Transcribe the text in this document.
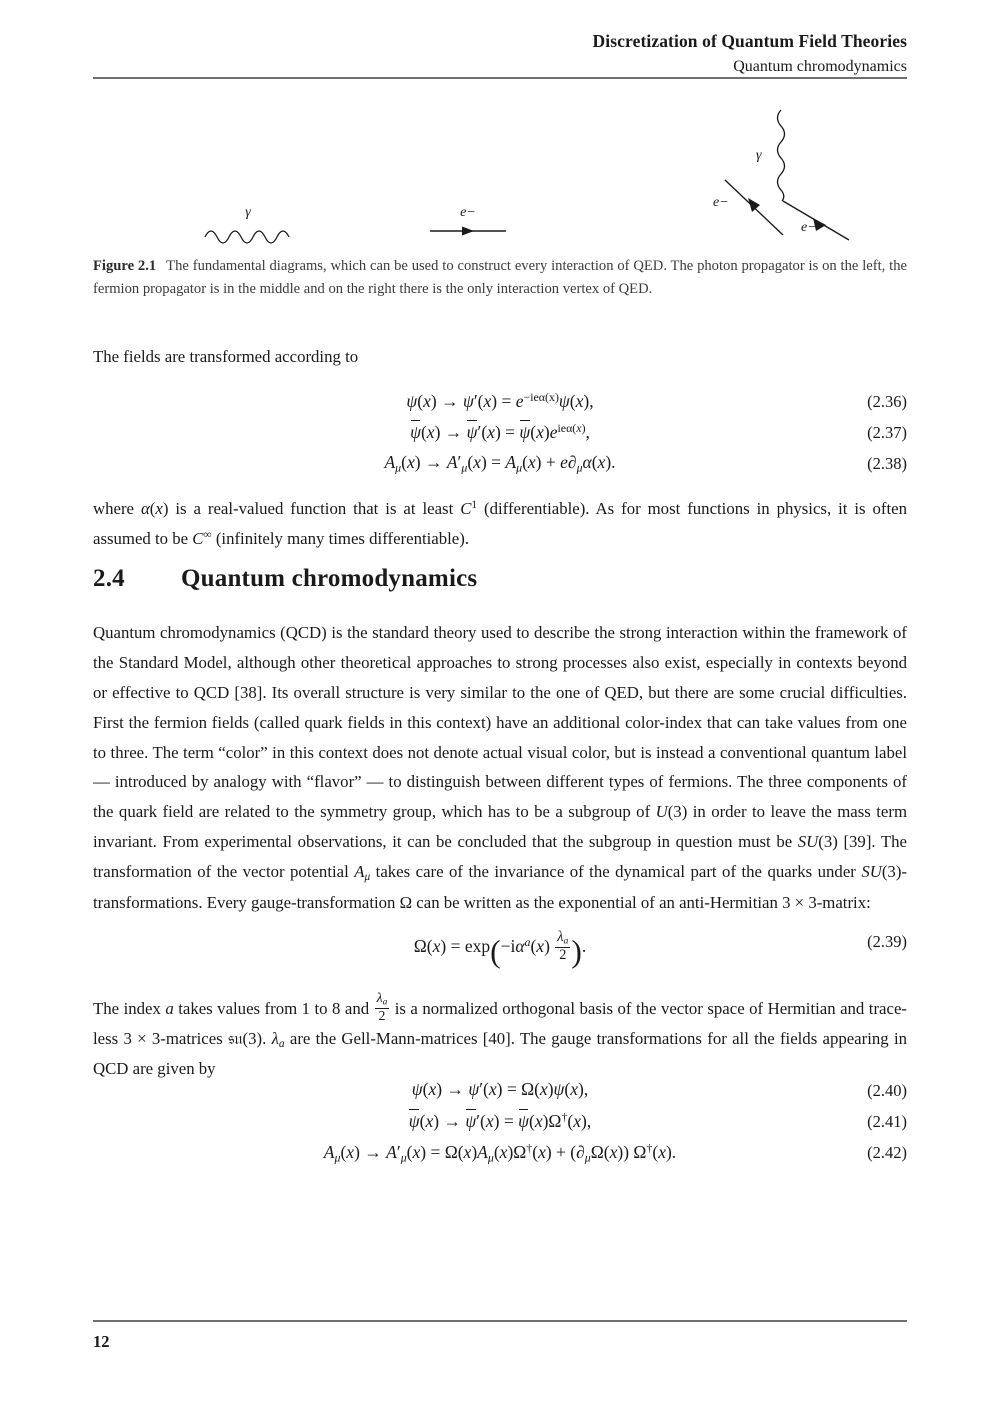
Discretization of Quantum Field Theories
Quantum chromodynamics
γ	e−
γ
e−
e−
Figure 2.1 The fundamental diagrams, which can be used to construct every interaction of QED. The photon propagator is on the left, the fermion propagator is in the middle and on the right there is the only interaction vertex of QED.
The fields are transformed according to
$\psi(x) \to \psi'(x) = e^{-ie\alpha(x)}\psi(x)$,	(2.36)
$\psi(x) \to \psi'(x) = \psi(x)e^{ie\alpha(x)}$,	(2.37)
$A_\mu(x) \to A'_\mu(x) = A_\mu(x) + e\partial_\mu\alpha(x)$.	(2.38)
where α(x) is a real-valued function that is at least $C^1$ (differentiable). As for most functions in physics, it is often assumed to be C∞ (infinitely many times differentiable).
2.4 Quantum chromodynamics
Quantum chromodynamics (QCD) is the standard theory used to describe the strong interaction within the framework of the Standard Model, although other theoretical approaches to strong processes also exist, especially in contexts beyond or effective to QCD [38]. Its overall structure is very similar to the one of QED, but there are some crucial difficulties. First the fermion fields (called quark fields in this context) have an additional color-index that can take values from one to three. The term “color” in this context does not denote actual visual color, but is instead a conventional quantum label — introduced by analogy with “flavor” — to distinguish between different types of fermions. The three components of the quark field are related to the symmetry group, which has to be a subgroup of U(3) in order to leave the mass term invariant. From experimental observations, it can be concluded that the subgroup in question must be SU(3) [39]. The transformation of the vector potential $A_\mu$ takes care of the invariance of the dynamical part of the quarks under SU(3)-transformations. Every gauge-transformation Ω can be written as the exponential of an anti-Hermitian 3 × 3-matrix:
$\Omega(x) = \exp(-i\alpha^a(x) \frac{\lambda_a}{2}$ ).	(2.39)
The index a takes values from 1 to 8 and $\frac{\lambda_a}{2}$ is a normalized orthogonal basis of the vector space of Hermitian and trace-less 3 × 3-matrices 𝔰𝔲(3). $\lambda_a$ are the Gell-Mann-matrices [40]. The gauge transformations for all the fields appearing in QCD are given by
ψ(x) → ψ′(x) = Ω(x)ψ(x),	(2.40)
ψ(x) → ψ′(x) = ψ(x)Ω†(x),	(2.41)
$A_\mu(x) \to A'_\mu(x) = \Omega(x)A_\mu(x)\Omega^\dagger(x) + (\partial_\mu\Omega(x))$ Ω†(x).	(2.42)
12
